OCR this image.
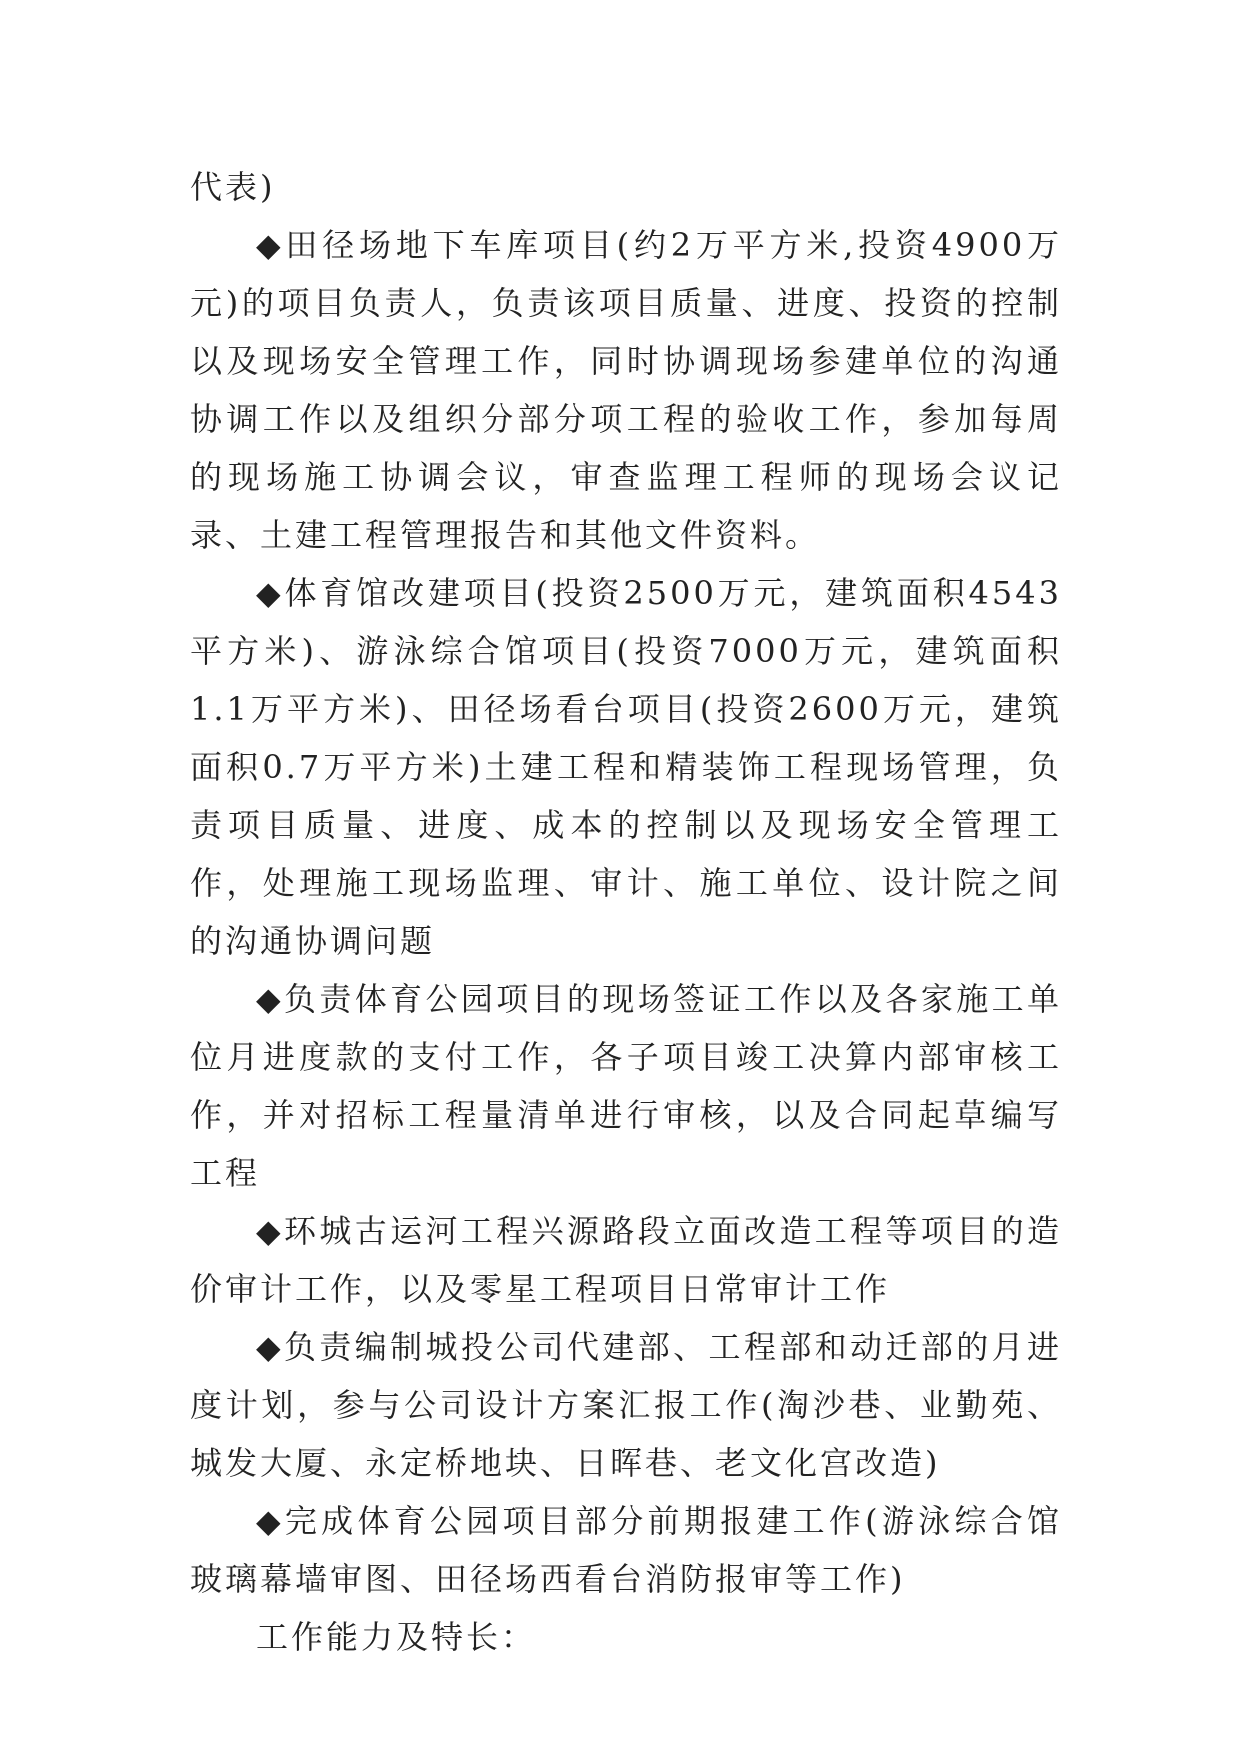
代表)

◆田径场地下车库项目(约2万平方米,投资4900万元)的项目负责人，负责该项目质量、进度、投资的控制以及现场安全管理工作，同时协调现场参建单位的沟通协调工作以及组织分部分项工程的验收工作，参加每周的现场施工协调会议，审查监理工程师的现场会议记录、土建工程管理报告和其他文件资料。

◆体育馆改建项目(投资2500万元，建筑面积4543平方米)、游泳综合馆项目(投资7000万元，建筑面积1.1万平方米)、田径场看台项目(投资2600万元，建筑面积0.7万平方米)土建工程和精装饰工程现场管理，负责项目质量、进度、成本的控制以及现场安全管理工作，处理施工现场监理、审计、施工单位、设计院之间的沟通协调问题

◆负责体育公园项目的现场签证工作以及各家施工单位月进度款的支付工作，各子项目竣工决算内部审核工作，并对招标工程量清单进行审核，以及合同起草编写工程

◆环城古运河工程兴源路段立面改造工程等项目的造价审计工作，以及零星工程项目日常审计工作

◆负责编制城投公司代建部、工程部和动迁部的月进度计划，参与公司设计方案汇报工作(淘沙巷、业勤苑、城发大厦、永定桥地块、日晖巷、老文化宫改造)

◆完成体育公园项目部分前期报建工作(游泳综合馆玻璃幕墙审图、田径场西看台消防报审等工作)

工作能力及特长：
